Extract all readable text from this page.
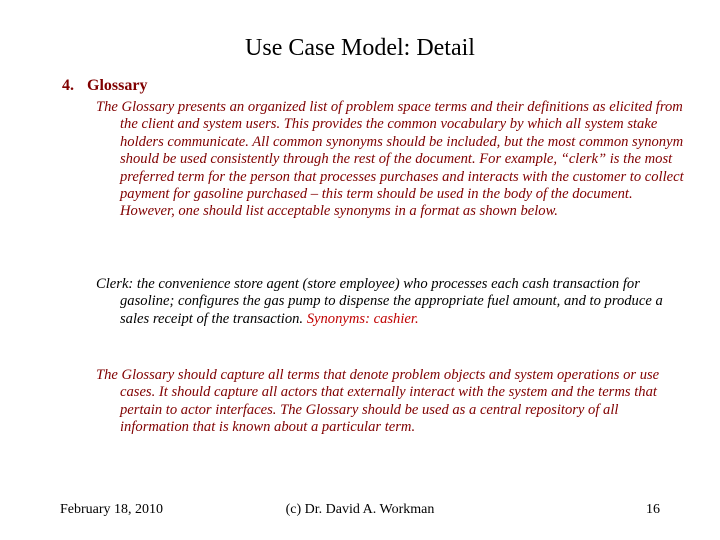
Use Case Model: Detail
4. Glossary
The Glossary presents an organized list of problem space terms and their definitions as elicited from the client and system users. This provides the common vocabulary by which all system stake holders communicate. All common synonyms should be included, but the most common synonym should be used consistently through the rest of the document. For example, “clerk” is the most preferred term for the person that processes purchases and interacts with the customer to collect payment for gasoline purchased – this term should be used in the body of the document. However, one should list acceptable synonyms in a format as shown below.
Clerk: the convenience store agent (store employee) who processes each cash transaction for gasoline; configures the gas pump to dispense the appropriate fuel amount, and to produce a sales receipt of the transaction. Synonyms: cashier.
The Glossary should capture all terms that denote problem objects and system operations or use cases. It should capture all actors that externally interact with the system and the terms that pertain to actor interfaces. The Glossary should be used as a central repository of all information that is known about a particular term.
February 18, 2010	(c) Dr. David A. Workman	16
